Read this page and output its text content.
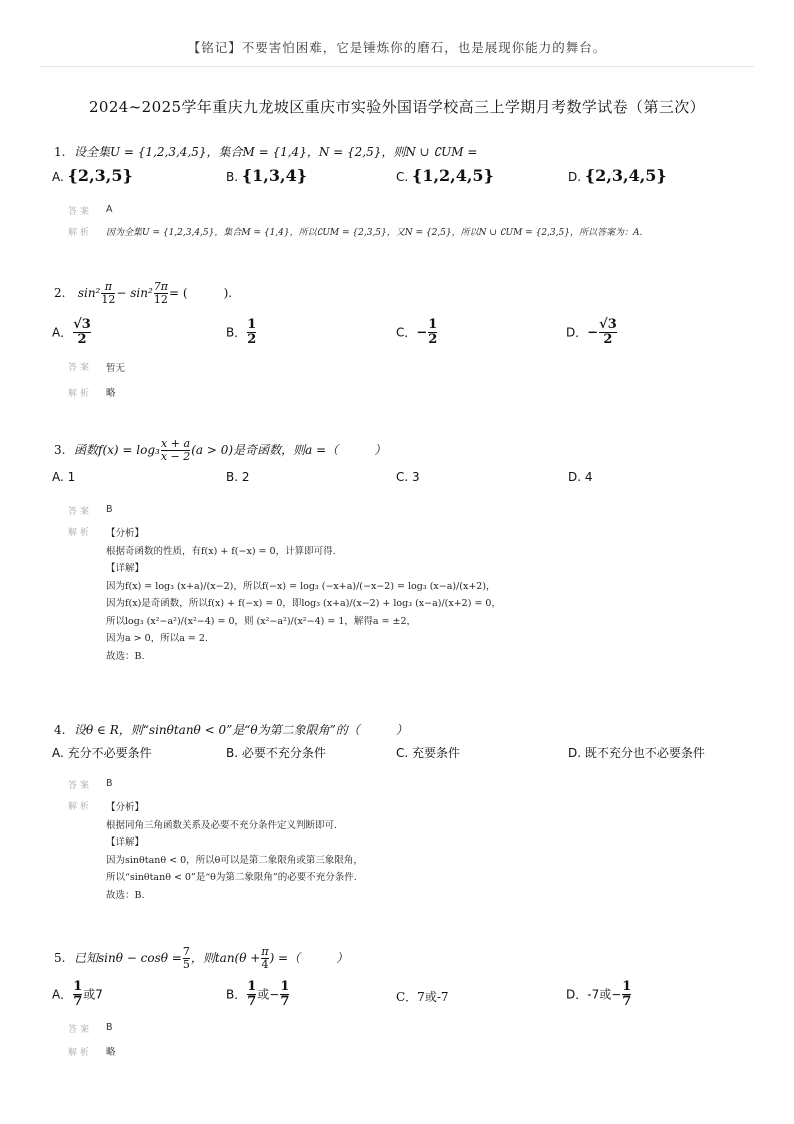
【铭记】不要害怕困难，它是锤炼你的磨石，也是展现你能力的舞台。
2024~2025学年重庆九龙坡区重庆市实验外国语学校高三上学期月考数学试卷（第三次）
1. 设全集U = {1,2,3,4,5}，集合M = {1,4}，N = {2,5}，则N ∪ ∁UM =
A. {2,3,5}	B. {1,3,4}	C. {1,2,4,5}	D. {2,3,4,5}
答案 A
解析 因为全集U = {1,2,3,4,5}，集合M = {1,4}，所以∁UM = {2,3,5}，又N = {2,5}，所以N ∪ ∁UM = {2,3,5}，所以答案为：A.
2. $\sin^2 \frac{\pi}{12} - \sin^2 \frac{7\pi}{12}$ = (　　　).
A． $\frac{√3}{2}$	B． $\frac{1}{2}$	C．− $\frac{1}{2}$	D．− $\frac{√3}{2}$
答案 暂无
解析 略
3. 函数$f(x) = \log_3 \frac{x + a}{x - 2} (a > 0)$是奇函数，则a =（　　　）
A. 1	B. 2	C. 3	D. 4
答案 B
解析 【分析】
根据奇函数的性质，有f(x) + f(−x) = 0，计算即可得.
【详解】
因为f(x) = log₃ (x+a)/(x−2)，所以f(−x) = log₃ (−x+a)/(−x−2) = log₃ (x−a)/(x+2)，
因为f(x)是奇函数，所以f(x) + f(−x) = 0，即log₃ (x+a)/(x−2) + log₃ (x−a)/(x+2) = 0，
所以log₃ (x²−a²)/(x²−4) = 0，则 (x²−a²)/(x²−4) = 1，解得a = ±2，
因为a > 0，所以a = 2.
故选：B.
4. 设θ ∈ R，则“sinθtanθ < 0”是“θ为第二象限角”的（　　　）
A. 充分不必要条件	B. 必要不充分条件	C. 充要条件	D. 既不充分也不必要条件
答案 B
解析 【分析】
根据同角三角函数关系及必要不充分条件定义判断即可.
【详解】
因为sinθtanθ < 0，所以θ可以是第二象限角或第三象限角，
所以“sinθtanθ < 0”是“θ为第二象限角”的必要不充分条件.
故选：B.
5. 已知$\sin\theta - \cos\theta = \frac{7}{5}$ ，则$\tan(\theta + \frac{\pi}{4}$ ) =（　　　）
A． $\frac{1}{7}$ 或7	B． $\frac{1}{7}$ 或− $\frac{1}{7}$	C．7或-7	D．-7或− $\frac{1}{7}$
答案 B
解析 略
